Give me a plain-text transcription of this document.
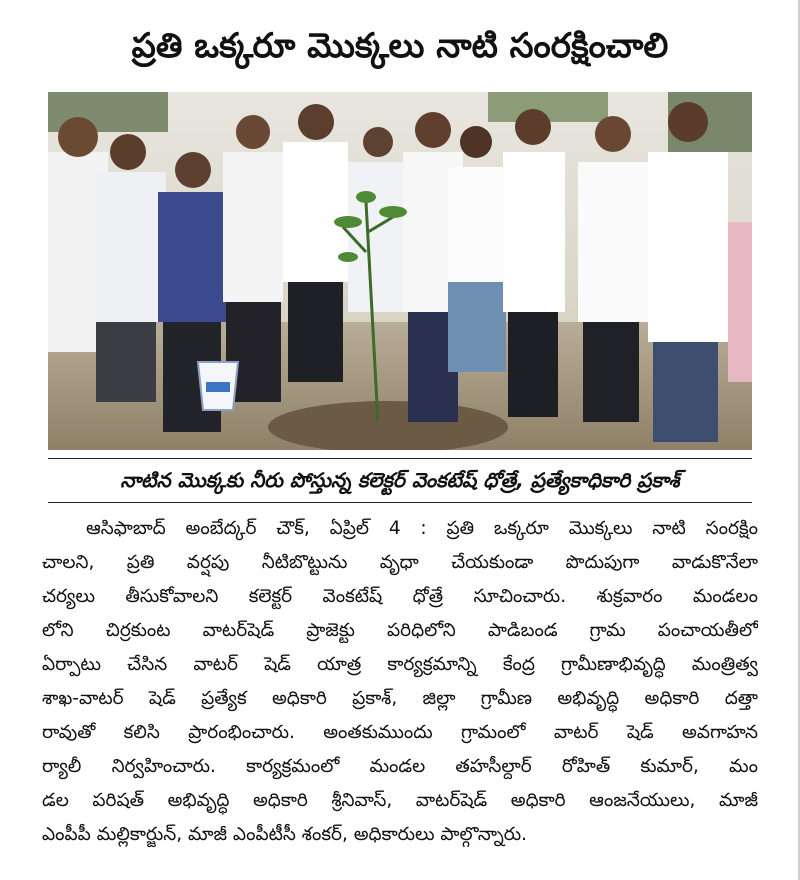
ప్రతి ఒక్కరూ మొక్కలు నాటి సంరక్షించాలి
నాటిన మొక్కకు నీరు పోస్తున్న కలెక్టర్ వెంకటేష్ ధోత్రే, ప్రత్యేకాధికారి ప్రకాశ్
ఆసిఫాబాద్ అంబేద్కర్ చౌక్, ఏప్రిల్ 4 : ప్రతి ఒక్కరూ మొక్కలు నాటి సంరక్షిం
చాలని, ప్రతి వర్షపు నీటిబొట్టును వృధా చేయకుండా పొదుపుగా వాడుకొనేలా
చర్యలు తీసుకోవాలని కలెక్టర్ వెంకటేష్ ధోత్రే సూచించారు. శుక్రవారం మండలం
లోని చిర్రకుంట వాటర్‌షెడ్ ప్రాజెక్టు పరిధిలోని పాడిబండ గ్రామ పంచాయతీలో
ఏర్పాటు చేసిన వాటర్ షెడ్ యాత్ర కార్యక్రమాన్ని కేంద్ర గ్రామీణాభివృద్ధి మంత్రిత్వ
శాఖ-వాటర్ షెడ్ ప్రత్యేక అధికారి ప్రకాశ్, జిల్లా గ్రామీణ అభివృద్ధి అధికారి దత్తా
రావుతో కలిసి ప్రారంభించారు. అంతకుముందు గ్రామంలో వాటర్ షెడ్ అవగాహన
ర్యాలీ నిర్వహించారు. కార్యక్రమంలో మండల తహసీల్దార్ రోహిత్ కుమార్, మం
డల పరిషత్ అభివృద్ధి అధికారి శ్రీనివాస్, వాటర్‌షెడ్ అధికారి ఆంజనేయులు, మాజీ
ఎంపీపీ మల్లికార్జున్, మాజీ ఎంపీటీసీ శంకర్, అధికారులు పాల్గొన్నారు.
